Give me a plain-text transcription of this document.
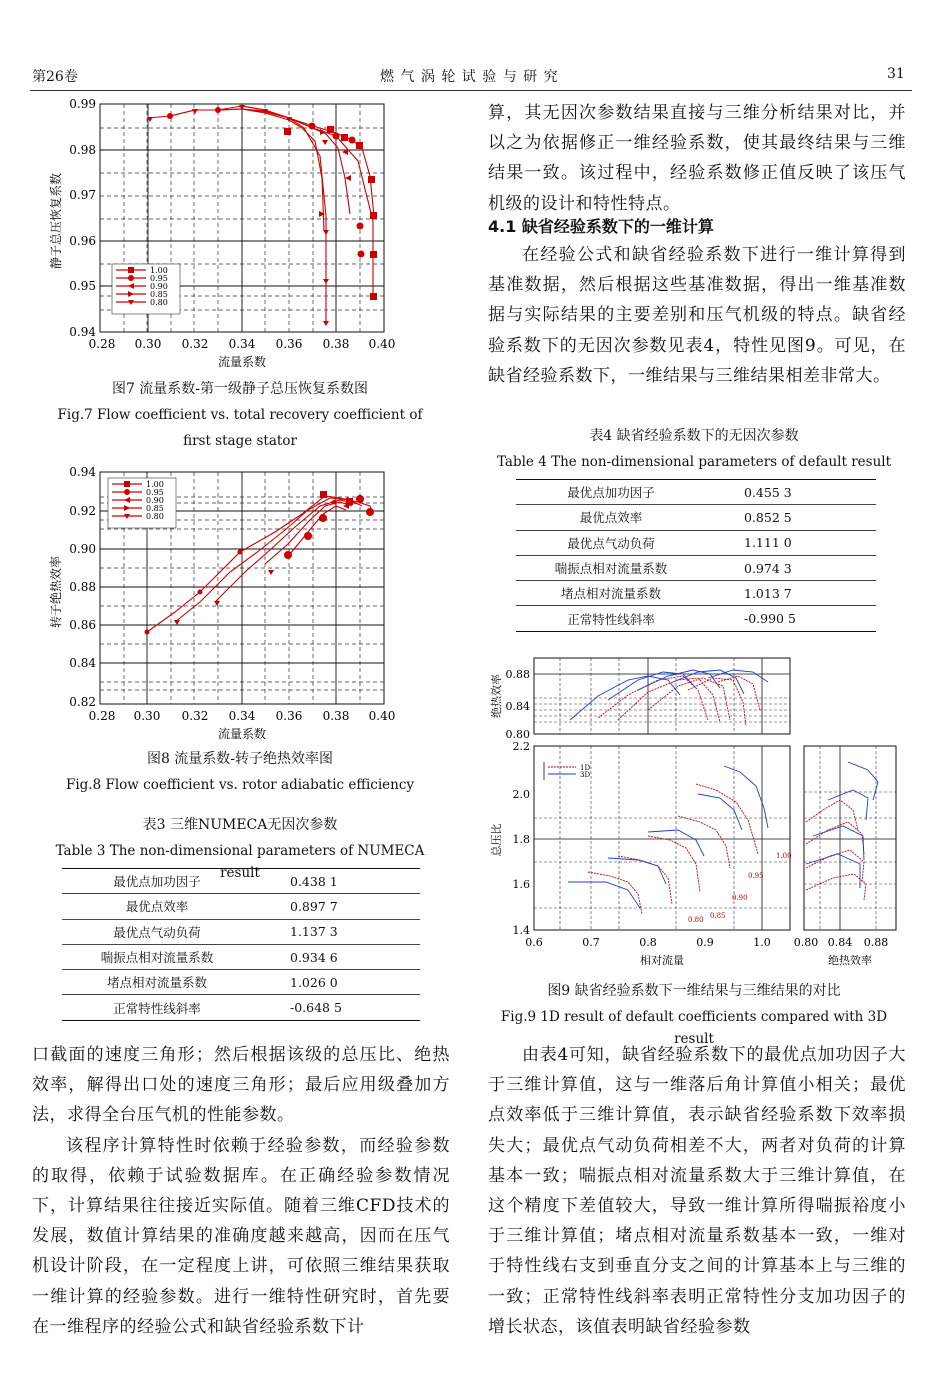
第26卷	燃 气 涡 轮 试 验 与 研 究	31
0.99
0.98
0.97
0.96
0.95
0.94
0.28 0.30 0.32 0.34 0.36 0.38 0.40
流量系数
静子总压恢复系数
1.00
0.95
0.90
0.85
0.80
图7 流量系数-第一级静子总压恢复系数图
Fig.7 Flow coefficient vs. total recovery coefficient of
first stage stator
0.94
0.92
0.90
0.88
0.86
0.84
0.82
0.28 0.30 0.32 0.34 0.36 0.38 0.40
流量系数
转子绝热效率
1.00
0.95
0.90
0.85
0.80
图8 流量系数-转子绝热效率图
Fig.8 Flow coefficient vs. rotor adiabatic efficiency
表3 三维NUMECA无因次参数
Table 3 The non-dimensional parameters of NUMECA result
最优点加功因子	0.438 1
最优点效率	0.897 7
最优点气动负荷	1.137 3
喘振点相对流量系数	0.934 6
堵点相对流量系数	1.026 0
正常特性线斜率	-0.648 5

口截面的速度三角形；然后根据该级的总压比、绝热效率，解得出口处的速度三角形；最后应用级叠加方法，求得全台压气机的性能参数。

该程序计算特性时依赖于经验参数，而经验参数的取得，依赖于试验数据库。在正确经验参数情况下，计算结果往往接近实际值。随着三维CFD技术的发展，数值计算结果的准确度越来越高，因而在压气机设计阶段，在一定程度上讲，可依照三维结果获取一维计算的经验参数。进行一维特性研究时，首先要在一维程序的经验公式和缺省经验系数下计

算，其无因次参数结果直接与三维分析结果对比，并以之为依据修正一维经验系数，使其最终结果与三维结果一致。该过程中，经验系数修正值反映了该压气机级的设计和特性特点。

4.1 缺省经验系数下的一维计算

在经验公式和缺省经验系数下进行一维计算得到基准数据，然后根据这些基准数据，得出一维基准数据与实际结果的主要差别和压气机级的特点。缺省经验系数下的无因次参数见表4，特性见图9。可见，在缺省经验系数下，一维结果与三维结果相差非常大。

表4 缺省经验系数下的无因次参数
Table 4 The non-dimensional parameters of default result
最优点加功因子	0.455 3
最优点效率	0.852 5
最优点气动负荷	1.111 0
喘振点相对流量系数	0.974 3
堵点相对流量系数	1.013 7
正常特性线斜率	-0.990 5
0.88
0.84
0.80
绝热效率
2.2
2.0
1.8
1.6
1.4
总压比
0.6	0.7	0.8	0.9	1.0
相对流量
1D
3D
1.00
0.95
0.90
0.85
0.80
0.80 0.84 0.88
绝热效率
图9 缺省经验系数下一维结果与三维结果的对比
Fig.9 1D result of default coefficients compared with 3D result

由表4可知，缺省经验系数下的最优点加功因子大于三维计算值，这与一维落后角计算值小相关；最优点效率低于三维计算值，表示缺省经验系数下效率损失大；最优点气动负荷相差不大，两者对负荷的计算基本一致；喘振点相对流量系数大于三维计算值，在这个精度下差值较大，导致一维计算所得喘振裕度小于三维计算值；堵点相对流量系数基本一致，一维对于特性线右支到垂直分支之间的计算基本上与三维的一致；正常特性线斜率表明正常特性分支加功因子的增长状态，该值表明缺省经验参数
